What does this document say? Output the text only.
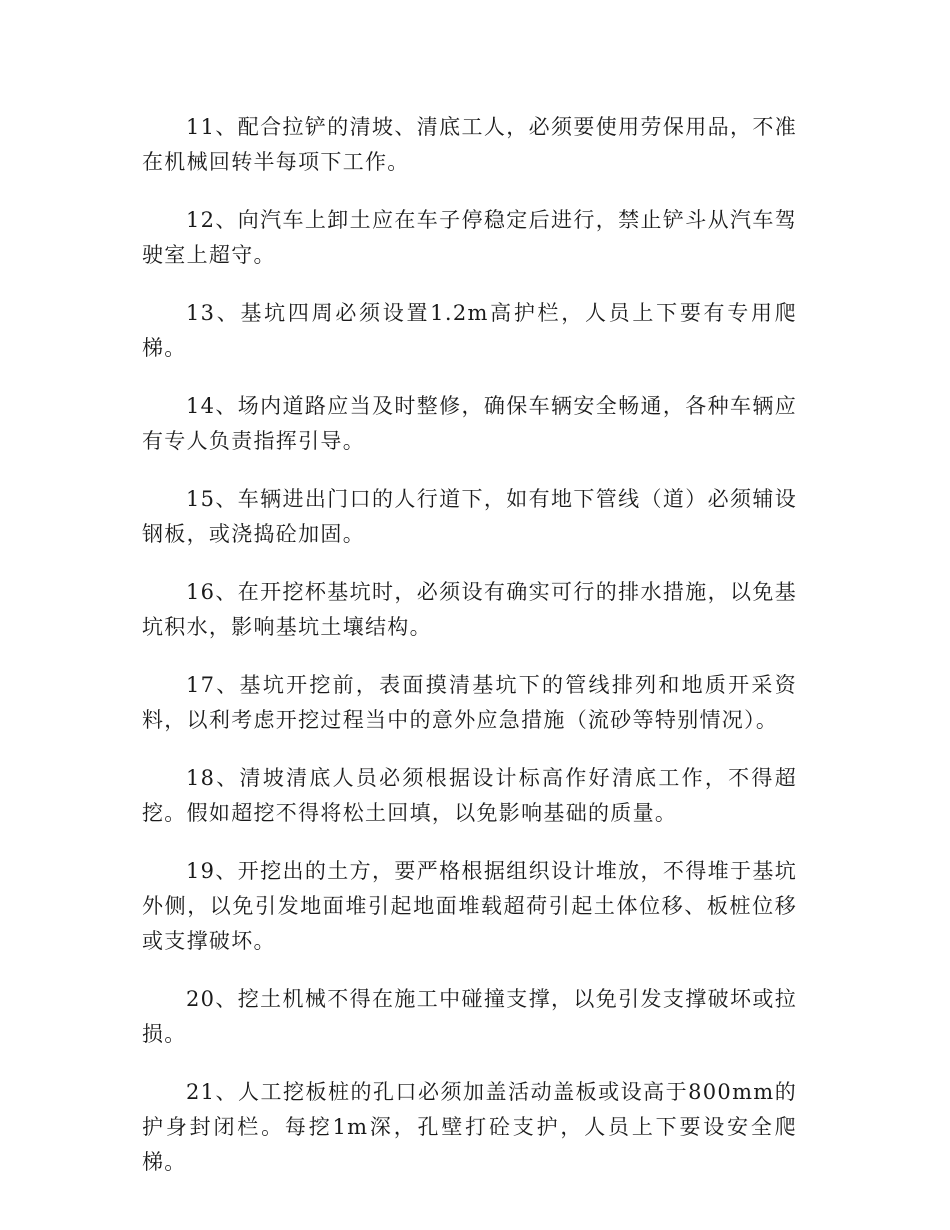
11、配合拉铲的清坡、清底工人，必须要使用劳保用品，不准在机械回转半每项下工作。

12、向汽车上卸土应在车子停稳定后进行，禁止铲斗从汽车驾驶室上超守。

13、基坑四周必须设置1.2m高护栏，人员上下要有专用爬梯。

14、场内道路应当及时整修，确保车辆安全畅通，各种车辆应有专人负责指挥引导。

15、车辆进出门口的人行道下，如有地下管线（道）必须辅设钢板，或浇捣砼加固。

16、在开挖杯基坑时，必须设有确实可行的排水措施，以免基坑积水，影响基坑土壤结构。

17、基坑开挖前，表面摸清基坑下的管线排列和地质开采资料，以利考虑开挖过程当中的意外应急措施（流砂等特别情况）。

18、清坡清底人员必须根据设计标高作好清底工作，不得超挖。假如超挖不得将松土回填，以免影响基础的质量。

19、开挖出的土方，要严格根据组织设计堆放，不得堆于基坑外侧，以免引发地面堆引起地面堆载超荷引起土体位移、板桩位移或支撑破坏。

20、挖土机械不得在施工中碰撞支撑，以免引发支撑破坏或拉损。

21、人工挖板桩的孔口必须加盖活动盖板或设高于800mm的护身封闭栏。每挖1m深，孔壁打砼支护，人员上下要设安全爬梯。
